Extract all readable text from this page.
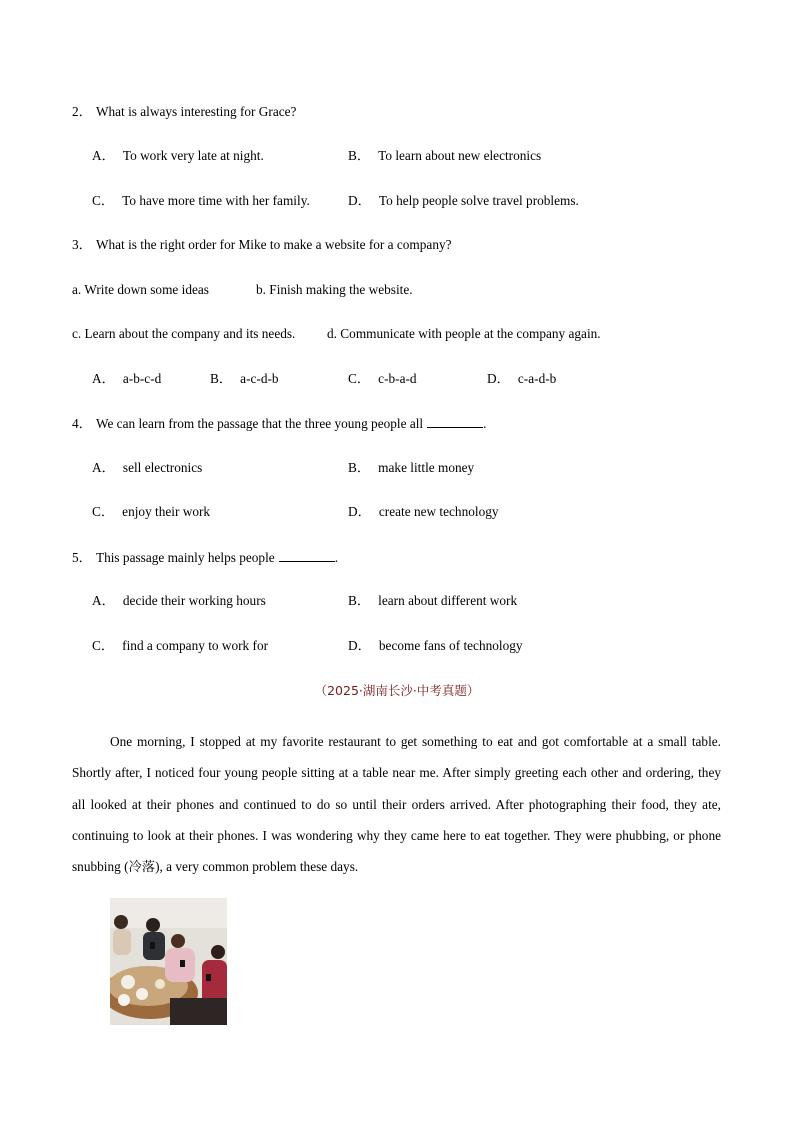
2． What is always interesting for Grace?
A． To work very late at night.	B． To learn about new electronics
C． To have more time with her family.	D． To help people solve travel problems.
3． What is the right order for Mike to make a website for a company?
a. Write down some ideas	b. Finish making the website.
c. Learn about the company and its needs. d. Communicate with people at the company again.
A． a-b-c-d	B． a-c-d-b	C． c-b-a-d	D． c-a-d-b
4． We can learn from the passage that the three young people all	.
A． sell electronics	B． make little money
C． enjoy their work	D． create new technology
5． This passage mainly helps people	.
A． decide their working hours	B． learn about different work
C． find a company to work for	D． become fans of technology
（2025·湖南长沙·中考真题）
One morning, I stopped at my favorite restaurant to get something to eat and got comfortable at a small table. Shortly after, I noticed four young people sitting at a table near me. After simply greeting each other and ordering, they all looked at their phones and continued to do so until their orders arrived. After photographing their food, they ate, continuing to look at their phones. I was wondering why they came here to eat together. They were phubbing, or phone snubbing (冷落), a very common problem these days.
